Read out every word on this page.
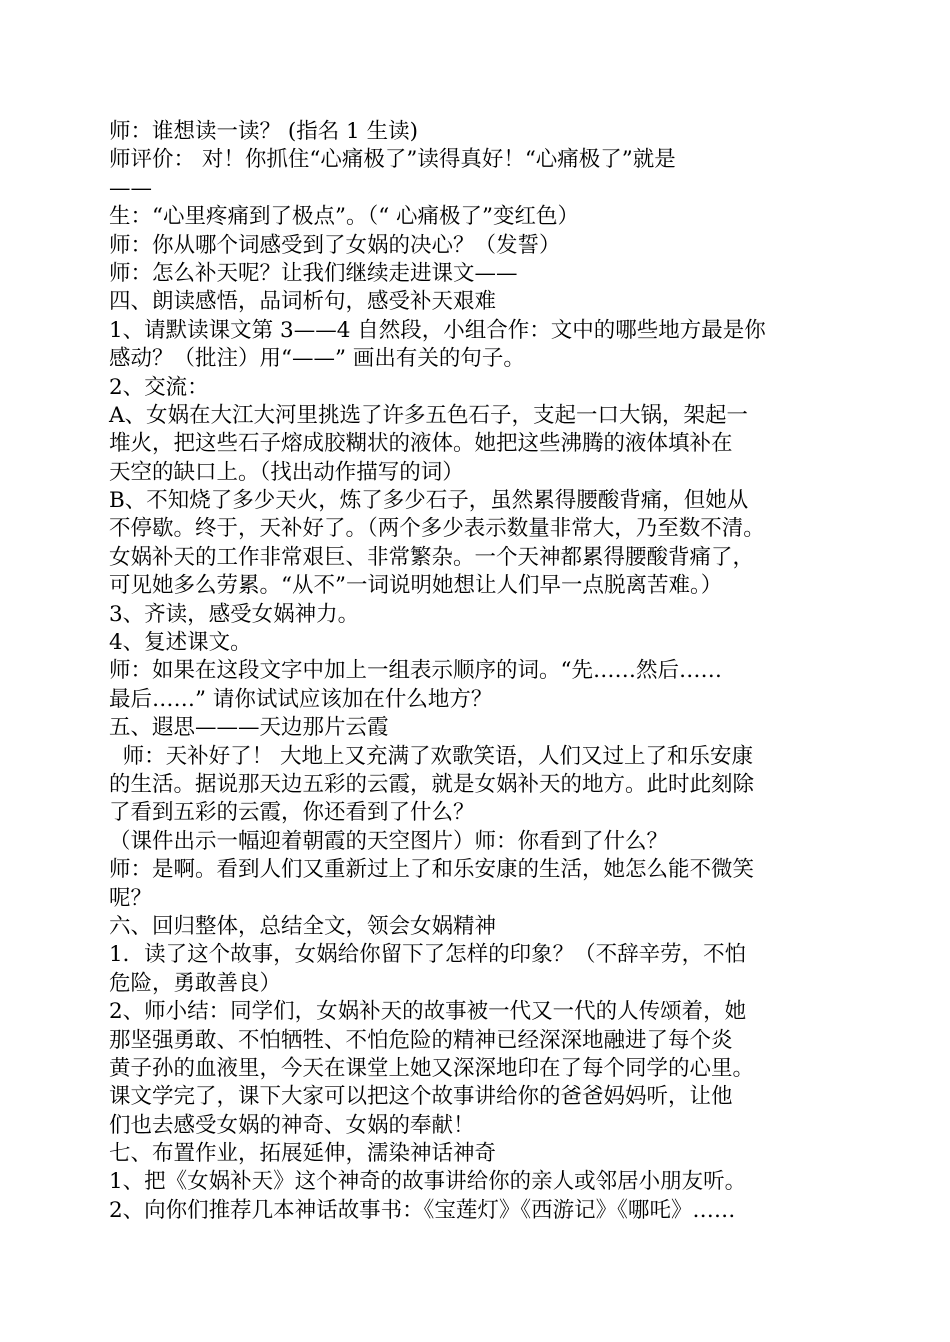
师：谁想读一读？ (指名 1 生读)
师评价： 对！你抓住“心痛极了”读得真好！“心痛极了”就是
——
生：“心里疼痛到了极点”。（“ 心痛极了”变红色）
师：你从哪个词感受到了女娲的决心？（发誓）
师：怎么补天呢？让我们继续走进课文——
四、朗读感悟，品词析句，感受补天艰难
1、请默读课文第 3——4 自然段，小组合作：文中的哪些地方最是你
感动？（批注）用“——” 画出有关的句子。
2、交流：
A、女娲在大江大河里挑选了许多五色石子，支起一口大锅，架起一
堆火，把这些石子熔成胶糊状的液体。她把这些沸腾的液体填补在
天空的缺口上。（找出动作描写的词）
B、不知烧了多少天火，炼了多少石子，虽然累得腰酸背痛，但她从
不停歇。终于，天补好了。（两个多少表示数量非常大，乃至数不清。
女娲补天的工作非常艰巨、非常繁杂。一个天神都累得腰酸背痛了，
可见她多么劳累。“从不”一词说明她想让人们早一点脱离苦难。）
3、齐读，感受女娲神力。
4、复述课文。
师：如果在这段文字中加上一组表示顺序的词。“先……然后……
最后……” 请你试试应该加在什么地方？
五、遐思———天边那片云霞
师：天补好了！ 大地上又充满了欢歌笑语，人们又过上了和乐安康
的生活。据说那天边五彩的云霞，就是女娲补天的地方。此时此刻除
了看到五彩的云霞，你还看到了什么？
（课件出示一幅迎着朝霞的天空图片）师：你看到了什么？
师：是啊。看到人们又重新过上了和乐安康的生活，她怎么能不微笑
呢？
六、回归整体，总结全文，领会女娲精神
1．读了这个故事，女娲给你留下了怎样的印象？（不辞辛劳，不怕
危险，勇敢善良）
2、师小结：同学们，女娲补天的故事被一代又一代的人传颂着，她
那坚强勇敢、不怕牺牲、不怕危险的精神已经深深地融进了每个炎
黄子孙的血液里，今天在课堂上她又深深地印在了每个同学的心里。
课文学完了，课下大家可以把这个故事讲给你的爸爸妈妈听，让他
们也去感受女娲的神奇、女娲的奉献！
七、布置作业，拓展延伸，濡染神话神奇
1、把《女娲补天》这个神奇的故事讲给你的亲人或邻居小朋友听。
2、向你们推荐几本神话故事书：《宝莲灯》《西游记》《哪吒》……
